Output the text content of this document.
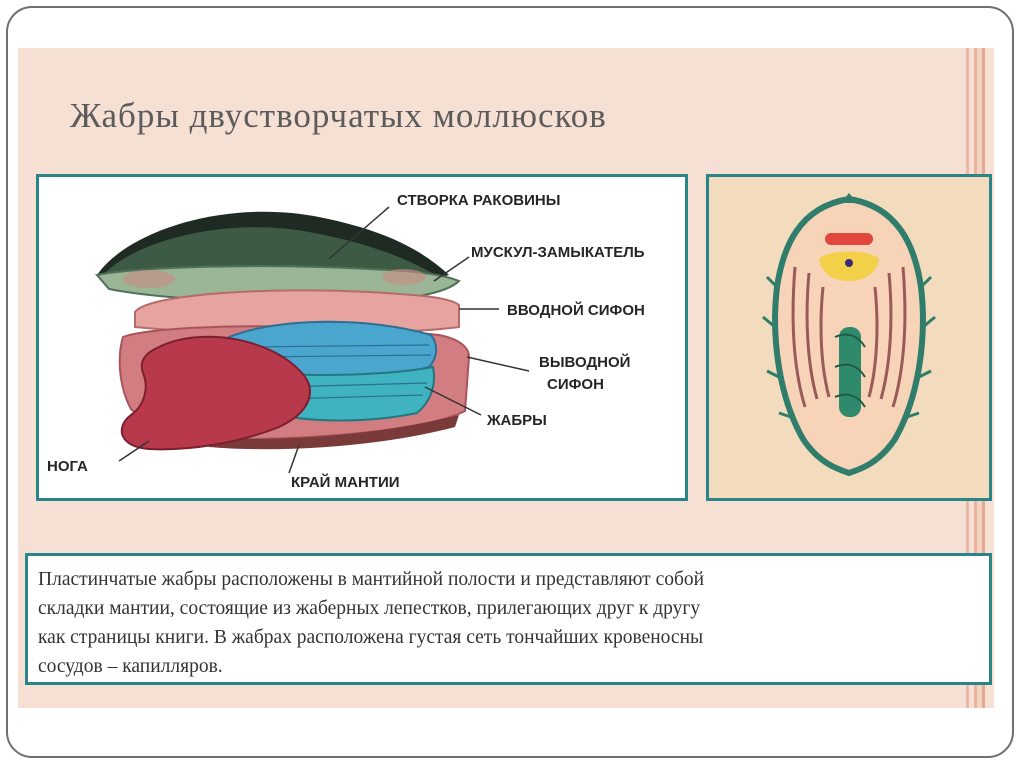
Жабры двустворчатых моллюсков
СТВОРКА РАКОВИНЫ
МУСКУЛ-ЗАМЫКАТЕЛЬ
ВВОДНОЙ СИФОН
ВЫВОДНОЙ
СИФОН
ЖАБРЫ
НОГА
КРАЙ МАНТИИ
Пластинчатые жабры расположены в мантийной полости и представляют собой
складки мантии, состоящие из жаберных лепестков, прилегающих друг к другу
как страницы книги. В жабрах расположена густая сеть тончайших кровеносны
сосудов – капилляров.
